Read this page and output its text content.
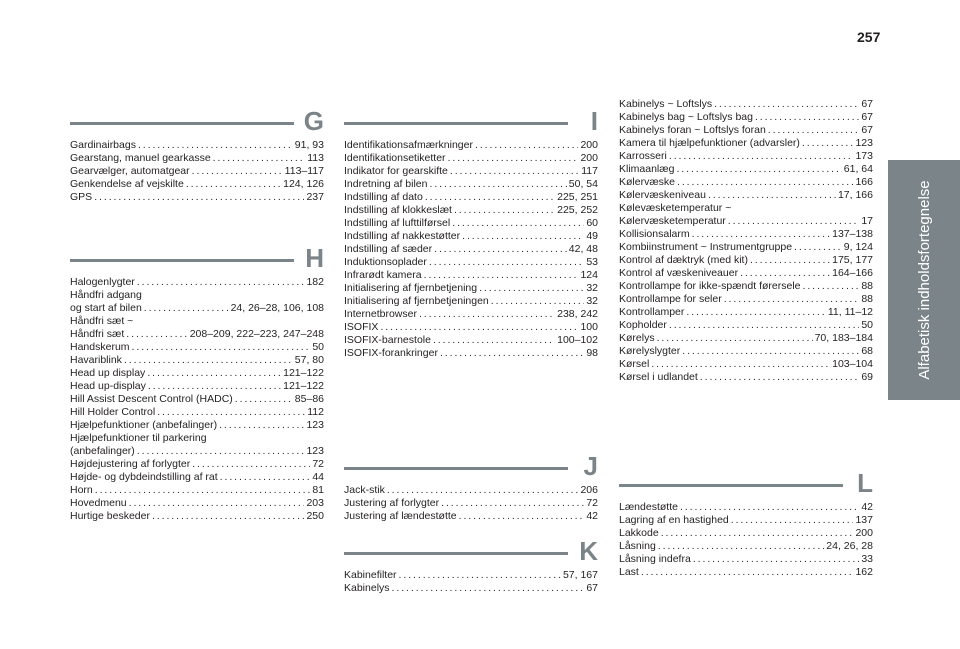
257
Alfabetisk indholdsfortegnelse
G
Gardinairbags . . .	91, 93
Gearstang, manuel gearkasse . . .	113
Gearvælger, automatgear . . .	113–117
Genkendelse af vejskilte . . .	124, 126
GPS . . .	237
H
Halogenlygter . . .	182
Håndfri adgang
og start af bilen . . .	24, 26–28, 106, 108
Håndfri sæt ~
Håndfri sæt . . .	208–209, 222–223, 247–248
Handskerum . . .	50
Havariblink . . .	57, 80
Head up display . . .	121–122
Head up-display . . .	121–122
Hill Assist Descent Control (HADC) . . .	85–86
Hill Holder Control . . .	112
Hjælpefunktioner (anbefalinger) . . .	123
Hjælpefunktioner til parkering
(anbefalinger) . . .	123
Højdejustering af forlygter . . .	72
Højde- og dybdeindstilling af rat . . .	44
Horn . . .	81
Hovedmenu . . .	203
Hurtige beskeder . . .	250
I
Identifikationsafmærkninger . . .	200
Identifikationsetiketter . . .	200
Indikator for gearskifte . . .	117
Indretning af bilen . . .	50, 54
Indstilling af dato . . .	225, 251
Indstilling af klokkeslæt . . .	225, 252
Indstilling af lufttilførsel . . .	60
Indstilling af nakkestøtter . . .	49
Indstilling af sæder . . .	42, 48
Induktionsoplader . . .	53
Infrarødt kamera . . .	124
Initialisering af fjernbetjening . . .	32
Initialisering af fjernbetjeningen . . .	32
Internetbrowser . . .	238, 242
ISOFIX . . .	100
ISOFIX-barnestole . . .	100–102
ISOFIX-forankringer . . .	98
J
Jack-stik . . .	206
Justering af forlygter . . .	72
Justering af lændestøtte . . .	42
K
Kabinefilter . . .	57, 167
Kabinelys . . .	67
Kabinelys ~ Loftslys . . .	67
Kabinelys bag ~ Loftslys bag . . .	67
Kabinelys foran ~ Loftslys foran . . .	67
Kamera til hjælpefunktioner (advarsler) . . .	123
Karrosseri . . .	173
Klimaanlæg . . .	61, 64
Kølervæske . . .	166
Kølervæskeniveau . . .	17, 166
Kølevæsketemperatur ~
Kølervæsketemperatur . . .	17
Kollisionsalarm . . .	137–138
Kombiinstrument ~ Instrumentgruppe . . .	9, 124
Kontrol af dæktryk (med kit) . . .	175, 177
Kontrol af væskeniveauer . . .	164–166
Kontrollampe for ikke-spændt førersele . . .	88
Kontrollampe for seler . . .	88
Kontrollamper . . .	11, 11–12
Kopholder . . .	50
Kørelys . . .	70, 183–184
Kørelyslygter . . .	68
Kørsel . . .	103–104
Kørsel i udlandet . . .	69
L
Lændestøtte . . .	42
Lagring af en hastighed . . .	137
Lakkode . . .	200
Låsning . . .	24, 26, 28
Låsning indefra . . .	33
Last . . .	162
